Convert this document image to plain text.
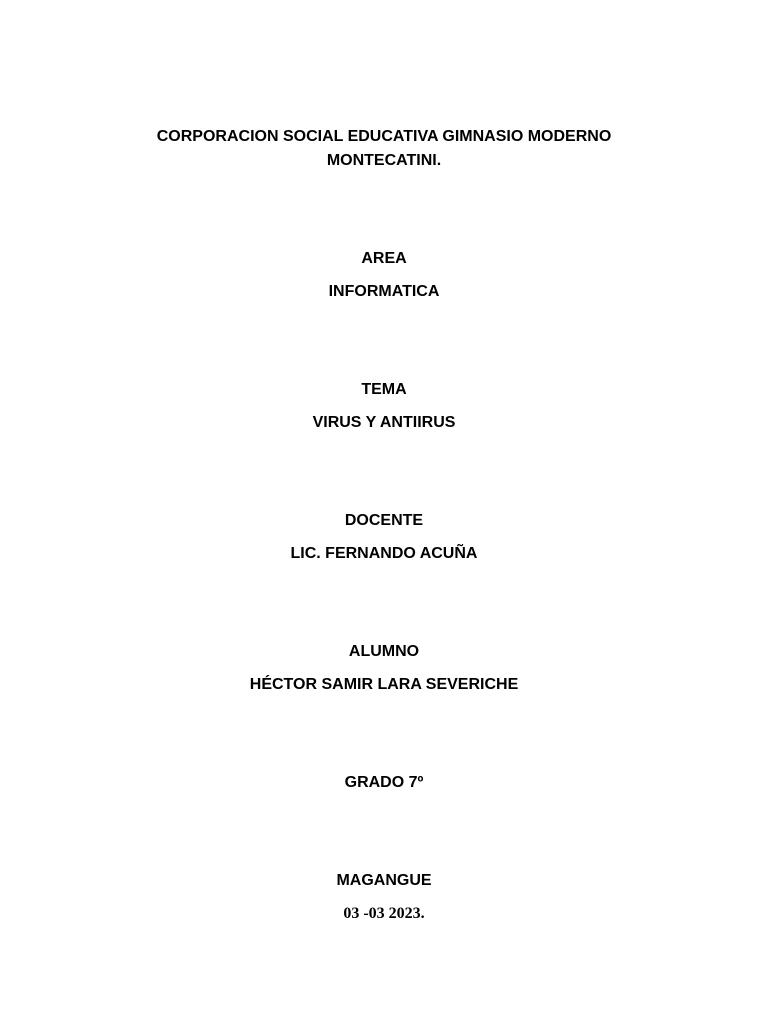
CORPORACION SOCIAL EDUCATIVA GIMNASIO MODERNO
MONTECATINI.
AREA
INFORMATICA
TEMA
VIRUS Y ANTIIRUS
DOCENTE
LIC. FERNANDO ACUÑA
ALUMNO
HÉCTOR SAMIR LARA SEVERICHE
GRADO 7º
MAGANGUE
03 -03 2023.
